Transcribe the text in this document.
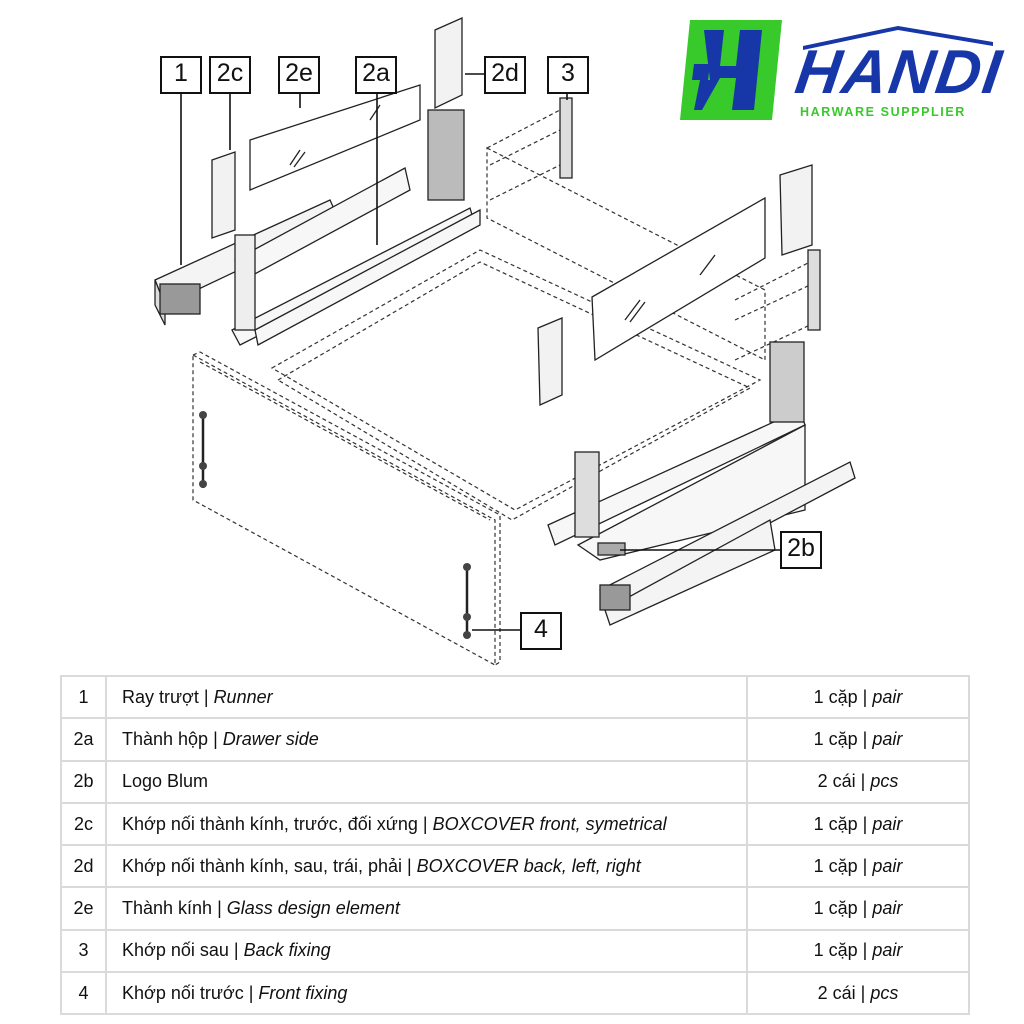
HANDI
HARWARE SUPPPLIER
1	2c	2e 2a	2d	3
2b
4
1	Ray trượt | Runner	1 cặp | pair
2a	Thành hộp | Drawer side	1 cặp | pair
2b	Logo Blum	2 cái | pcs
2c	Khớp nối thành kính, trước, đối xứng | BOXCOVER front, symetrical	1 cặp | pair
2d	Khớp nối thành kính, sau, trái, phải | BOXCOVER back, left, right	1 cặp | pair
2e	Thành kính | Glass design element	1 cặp | pair
3	Khớp nối sau | Back fixing	1 cặp | pair
4	Khớp nối trước | Front fixing	2 cái | pcs
